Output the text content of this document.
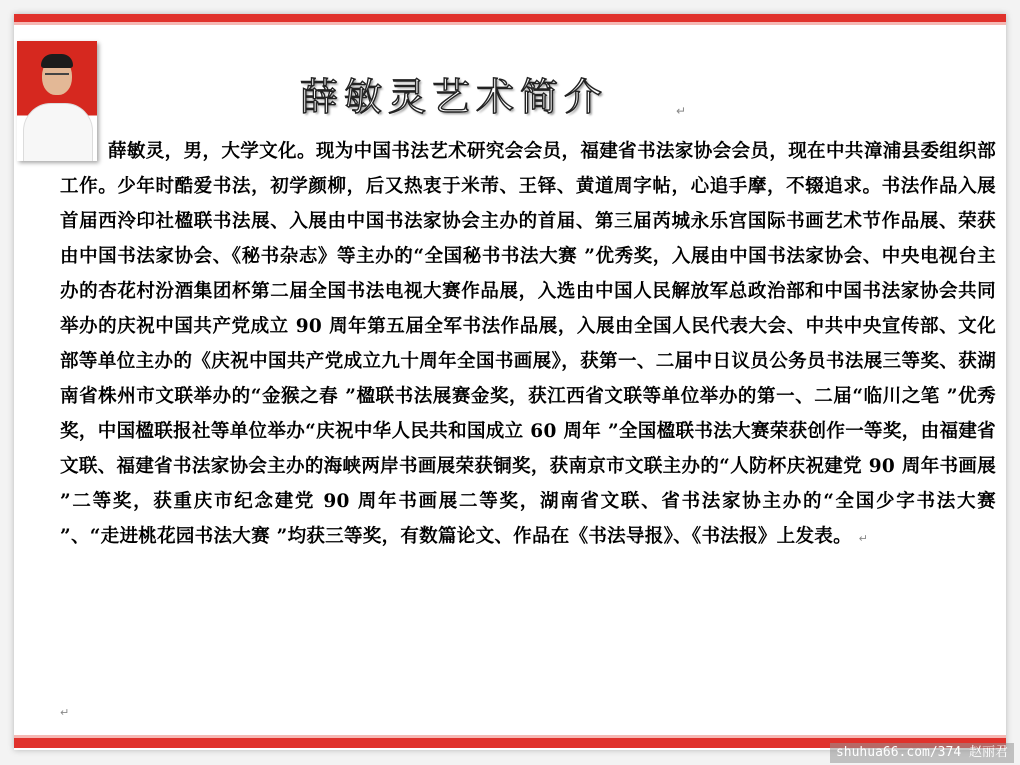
薛敏灵艺术简介	↵
薛敏灵，男，大学文化。现为中国书法艺术研究会会员，福建省书法家协会会员，现在中共漳浦县委组织部工作。少年时酷爱书法，初学颜柳，后又热衷于米芾、王铎、黄道周字帖，心追手摩，不辍追求。书法作品入展首届西泠印社楹联书法展、入展由中国书法家协会主办的首届、第三届芮城永乐宫国际书画艺术节作品展、荣获由中国书法家协会、《秘书杂志》等主办的“全国秘书书法大赛 ”优秀奖，入展由中国书法家协会、中央电视台主办的杏花村汾酒集团杯第二届全国书法电视大赛作品展，入选由中国人民解放军总政治部和中国书法家协会共同举办的庆祝中国共产党成立 90 周年第五届全军书法作品展，入展由全国人民代表大会、中共中央宣传部、文化部等单位主办的《庆祝中国共产党成立九十周年全国书画展》，获第一、二届中日议员公务员书法展三等奖、获湖南省株州市文联举办的“金猴之春 ”楹联书法展赛金奖，获江西省文联等单位举办的第一、二届“临川之笔 ”优秀奖，中国楹联报社等单位举办“庆祝中华人民共和国成立 60 周年 ”全国楹联书法大赛荣获创作一等奖，由福建省文联、福建省书法家协会主办的海峡两岸书画展荣获铜奖，获南京市文联主办的“人防杯庆祝建党 90 周年书画展 ”二等奖，获重庆市纪念建党 90 周年书画展二等奖，湖南省文联、省书法家协主办的“全国少字书法大赛 ”、“走进桃花园书法大赛 ”均获三等奖，有数篇论文、作品在《书法导报》、《书法报》上发表。 ↵
↵
shuhua66.com/374 赵丽君
